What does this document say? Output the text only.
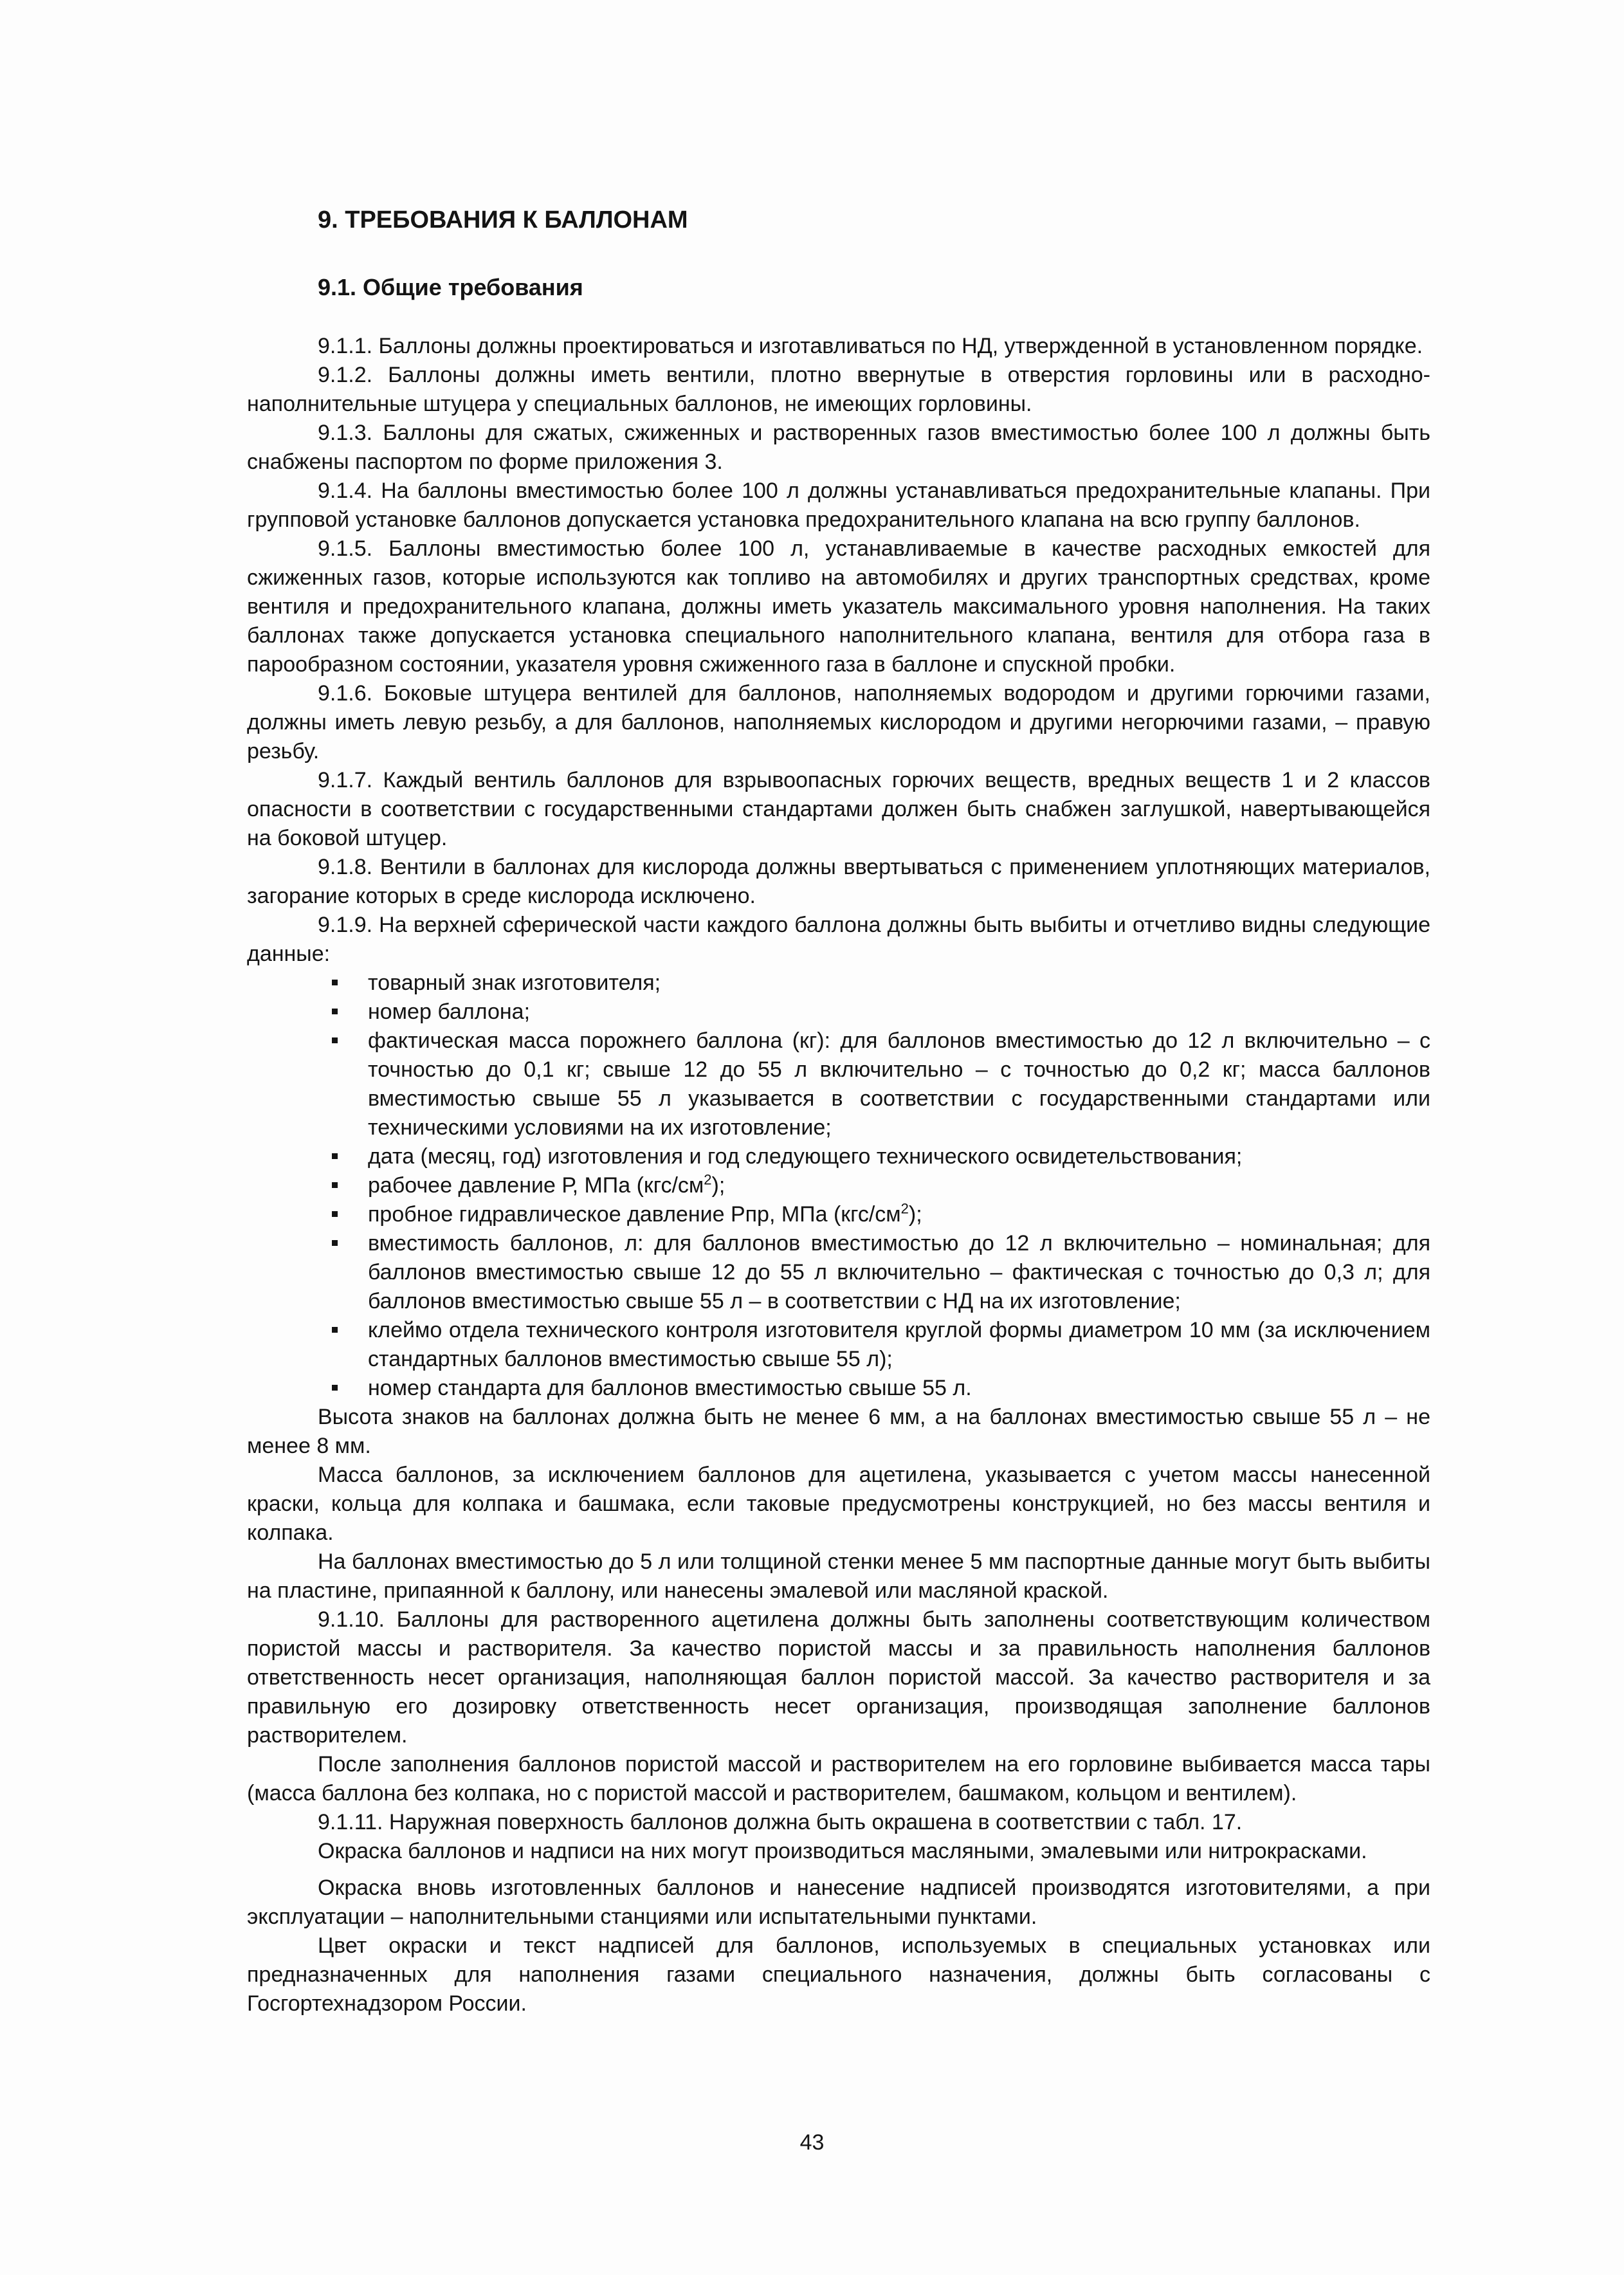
9. ТРЕБОВАНИЯ К БАЛЛОНАМ
9.1. Общие требования

9.1.1. Баллоны должны проектироваться и изготавливаться по НД, утвержденной в установленном порядке.

9.1.2. Баллоны должны иметь вентили, плотно ввернутые в отверстия горловины или в расходно-наполнительные штуцера у специальных баллонов, не имеющих горловины.

9.1.3. Баллоны для сжатых, сжиженных и растворенных газов вместимостью более 100 л должны быть снабжены паспортом по форме приложения 3.

9.1.4. На баллоны вместимостью более 100 л должны устанавливаться предохранительные клапаны. При групповой установке баллонов допускается установка предохранительного клапана на всю группу баллонов.

9.1.5. Баллоны вместимостью более 100 л, устанавливаемые в качестве расходных емкостей для сжиженных газов, которые используются как топливо на автомобилях и других транспортных средствах, кроме вентиля и предохранительного клапана, должны иметь указатель максимального уровня наполнения. На таких баллонах также допускается установка специального наполнительного клапана, вентиля для отбора газа в парообразном состоянии, указателя уровня сжиженного газа в баллоне и спускной пробки.

9.1.6. Боковые штуцера вентилей для баллонов, наполняемых водородом и другими горючими газами, должны иметь левую резьбу, а для баллонов, наполняемых кислородом и другими негорючими газами, – правую резьбу.

9.1.7. Каждый вентиль баллонов для взрывоопасных горючих веществ, вредных веществ 1 и 2 классов опасности в соответствии с государственными стандартами должен быть снабжен заглушкой, навертывающейся на боковой штуцер.

9.1.8. Вентили в баллонах для кислорода должны ввертываться с применением уплотняющих материалов, загорание которых в среде кислорода исключено.

9.1.9. На верхней сферической части каждого баллона должны быть выбиты и отчетливо видны следующие данные:

товарный знак изготовителя;
номер баллона;
фактическая масса порожнего баллона (кг): для баллонов вместимостью до 12 л включительно – с точностью до 0,1 кг; свыше 12 до 55 л включительно – с точностью до 0,2 кг; масса баллонов вместимостью свыше 55 л указывается в соответствии с государственными стандартами или техническими условиями на их изготовление;
дата (месяц, год) изготовления и год следующего технического освидетельствования;
рабочее давление Р, МПа $(кгс/см^2)$;
пробное гидравлическое давление Рпр, МПа $(кгс/см^2)$;
вместимость баллонов, л: для баллонов вместимостью до 12 л включительно – номинальная; для баллонов вместимостью свыше 12 до 55 л включительно – фактическая с точностью до 0,3 л; для баллонов вместимостью свыше 55 л – в соответствии с НД на их изготовление;
клеймо отдела технического контроля изготовителя круглой формы диаметром 10 мм (за исключением стандартных баллонов вместимостью свыше 55 л);
номер стандарта для баллонов вместимостью свыше 55 л.

Высота знаков на баллонах должна быть не менее 6 мм, а на баллонах вместимостью свыше 55 л – не менее 8 мм.

Масса баллонов, за исключением баллонов для ацетилена, указывается с учетом массы нанесенной краски, кольца для колпака и башмака, если таковые предусмотрены конструкцией, но без массы вентиля и колпака.

На баллонах вместимостью до 5 л или толщиной стенки менее 5 мм паспортные данные могут быть выбиты на пластине, припаянной к баллону, или нанесены эмалевой или масляной краской.

9.1.10. Баллоны для растворенного ацетилена должны быть заполнены соответствующим количеством пористой массы и растворителя. За качество пористой массы и за правильность наполнения баллонов ответственность несет организация, наполняющая баллон пористой массой. За качество растворителя и за правильную его дозировку ответственность несет организация, производящая заполнение баллонов растворителем.

После заполнения баллонов пористой массой и растворителем на его горловине выбивается масса тары (масса баллона без колпака, но с пористой массой и растворителем, башмаком, кольцом и вентилем).

9.1.11. Наружная поверхность баллонов должна быть окрашена в соответствии с табл. 17.

Окраска баллонов и надписи на них могут производиться масляными, эмалевыми или нитрокрасками.

Окраска вновь изготовленных баллонов и нанесение надписей производятся изготовителями, а при эксплуатации – наполнительными станциями или испытательными пунктами.

Цвет окраски и текст надписей для баллонов, используемых в специальных установках или предназначенных для наполнения газами специального назначения, должны быть согласованы с Госгортехнадзором России.

43
